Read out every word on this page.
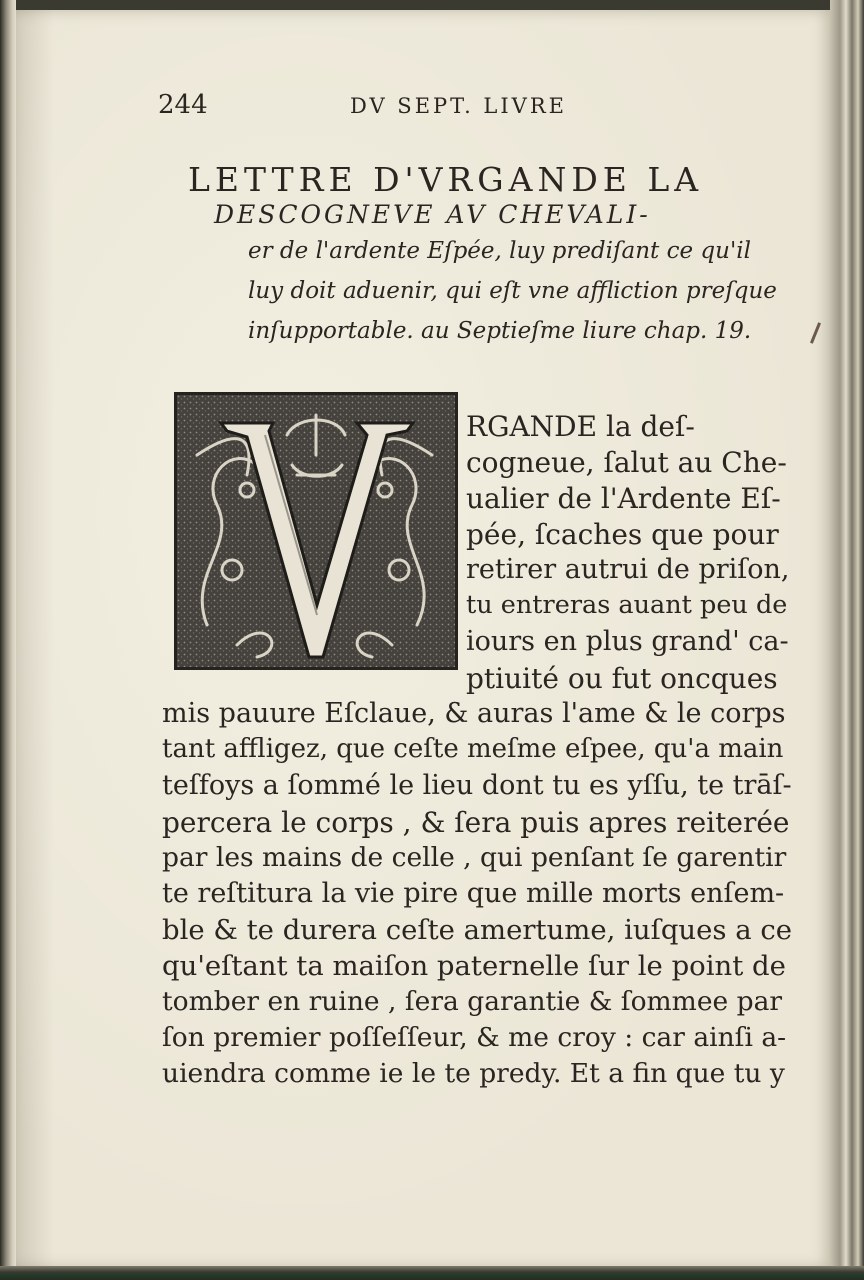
244	DV SEPT. LIVRE
LETTRE D'VRGANDE LA
DESCOGNEVE AV CHEVALI-
er de l'ardente Eſpée, luy prediſant ce qu'il
luy doit aduenir, qui eſt vne affliction preſque
inſupportable. au Septieſme liure chap. 19.
RGANDE la deſ-
cogneue, ſalut au Che-
ualier de l'Ardente Eſ-
pée, ſcaches que pour
retirer autrui de priſon,
tu entreras auant peu de
iours en plus grand' ca-
ptiuité ou fut oncques
mis pauure Eſclaue, & auras l'ame & le corps
tant affligez, que ceſte meſme eſpee, qu'a main
teſfoys a ſommé le lieu dont tu es yſſu, te trāſ-
percera le corps , & ſera puis apres reiterée
par les mains de celle , qui penſant ſe garentir
te reſtitura la vie pire que mille morts enſem-
ble & te durera ceſte amertume, iuſques a ce
qu'eſtant ta maiſon paternelle ſur le point de
tomber en ruine , ſera garantie & ſommee par
ſon premier poſſeſſeur, & me croy : car ainſi a-
uiendra comme ie le te predy. Et a fin que tu y
